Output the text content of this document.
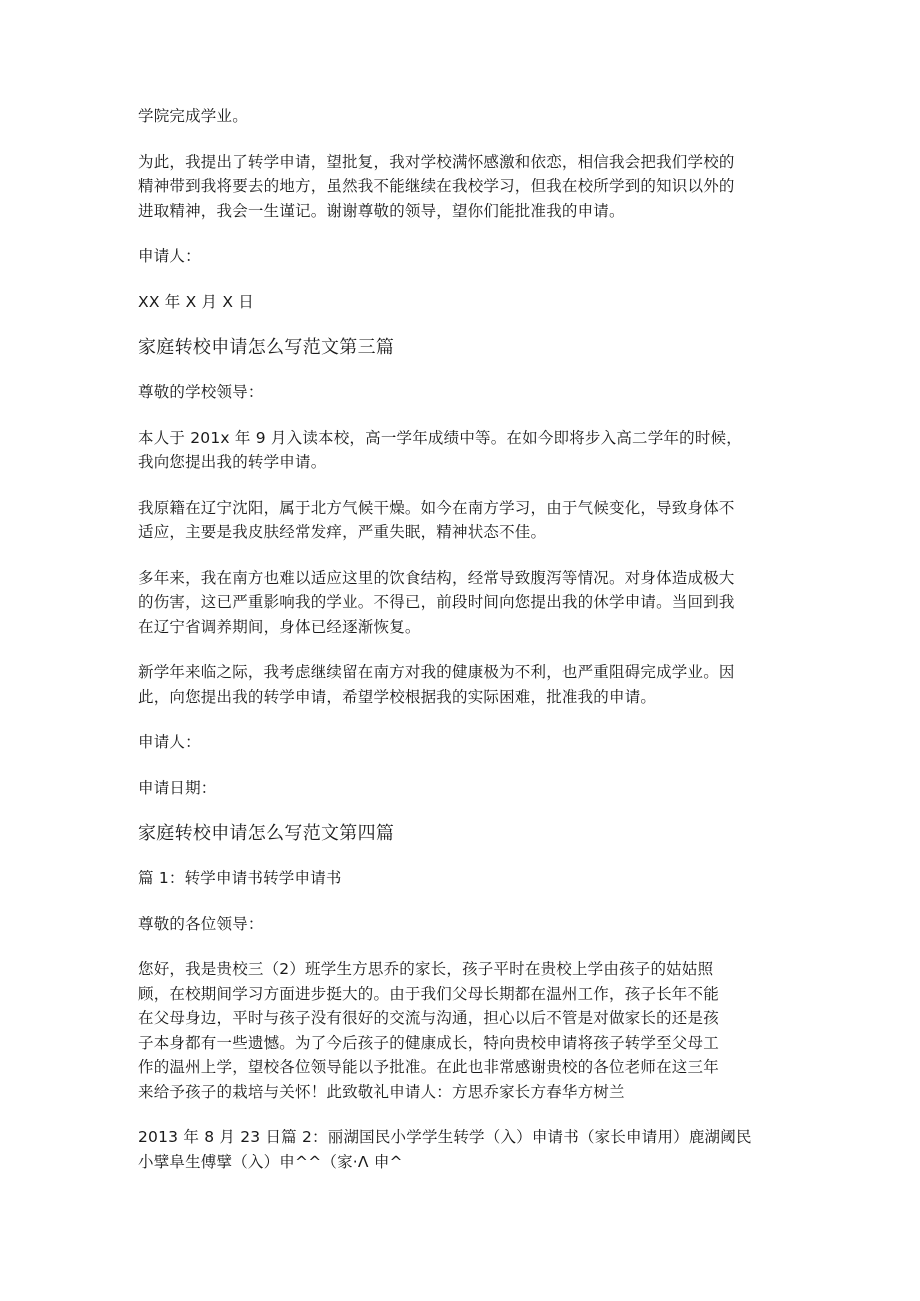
学院完成学业。
为此，我提出了转学申请，望批复，我对学校满怀感激和依恋，相信我会把我们学校的
精神带到我将要去的地方，虽然我不能继续在我校学习，但我在校所学到的知识以外的
进取精神，我会一生谨记。谢谢尊敬的领导，望你们能批准我的申请。
申请人：
XX 年 X 月 X 日
家庭转校申请怎么写范文第三篇
尊敬的学校领导：
本人于 201x 年 9 月入读本校，高一学年成绩中等。在如今即将步入高二学年的时候，
我向您提出我的转学申请。
我原籍在辽宁沈阳，属于北方气候干燥。如今在南方学习，由于气候变化，导致身体不
适应，主要是我皮肤经常发痒，严重失眠，精神状态不佳。
多年来，我在南方也难以适应这里的饮食结构，经常导致腹泻等情况。对身体造成极大
的伤害，这已严重影响我的学业。不得已，前段时间向您提出我的休学申请。当回到我
在辽宁省调养期间，身体已经逐渐恢复。
新学年来临之际，我考虑继续留在南方对我的健康极为不利，也严重阻碍完成学业。因
此，向您提出我的转学申请，希望学校根据我的实际困难，批准我的申请。
申请人：
申请日期：
家庭转校申请怎么写范文第四篇
篇 1：转学申请书转学申请书
尊敬的各位领导：
您好，我是贵校三（2）班学生方思乔的家长，孩子平时在贵校上学由孩子的姑姑照
顾，在校期间学习方面进步挺大的。由于我们父母长期都在温州工作，孩子长年不能
在父母身边，平时与孩子没有很好的交流与沟通，担心以后不管是对做家长的还是孩
子本身都有一些遗憾。为了今后孩子的健康成长，特向贵校申请将孩子转学至父母工
作的温州上学，望校各位领导能以予批准。在此也非常感谢贵校的各位老师在这三年
来给予孩子的栽培与关怀！此致敬礼申请人：方思乔家长方春华方树兰
2013 年 8 月 23 日篇 2：丽湖国民小学学生转学（入）申请书（家长申请用）鹿湖阈民
小擘阜生傅擘（入）申^^（家·Λ 申^
